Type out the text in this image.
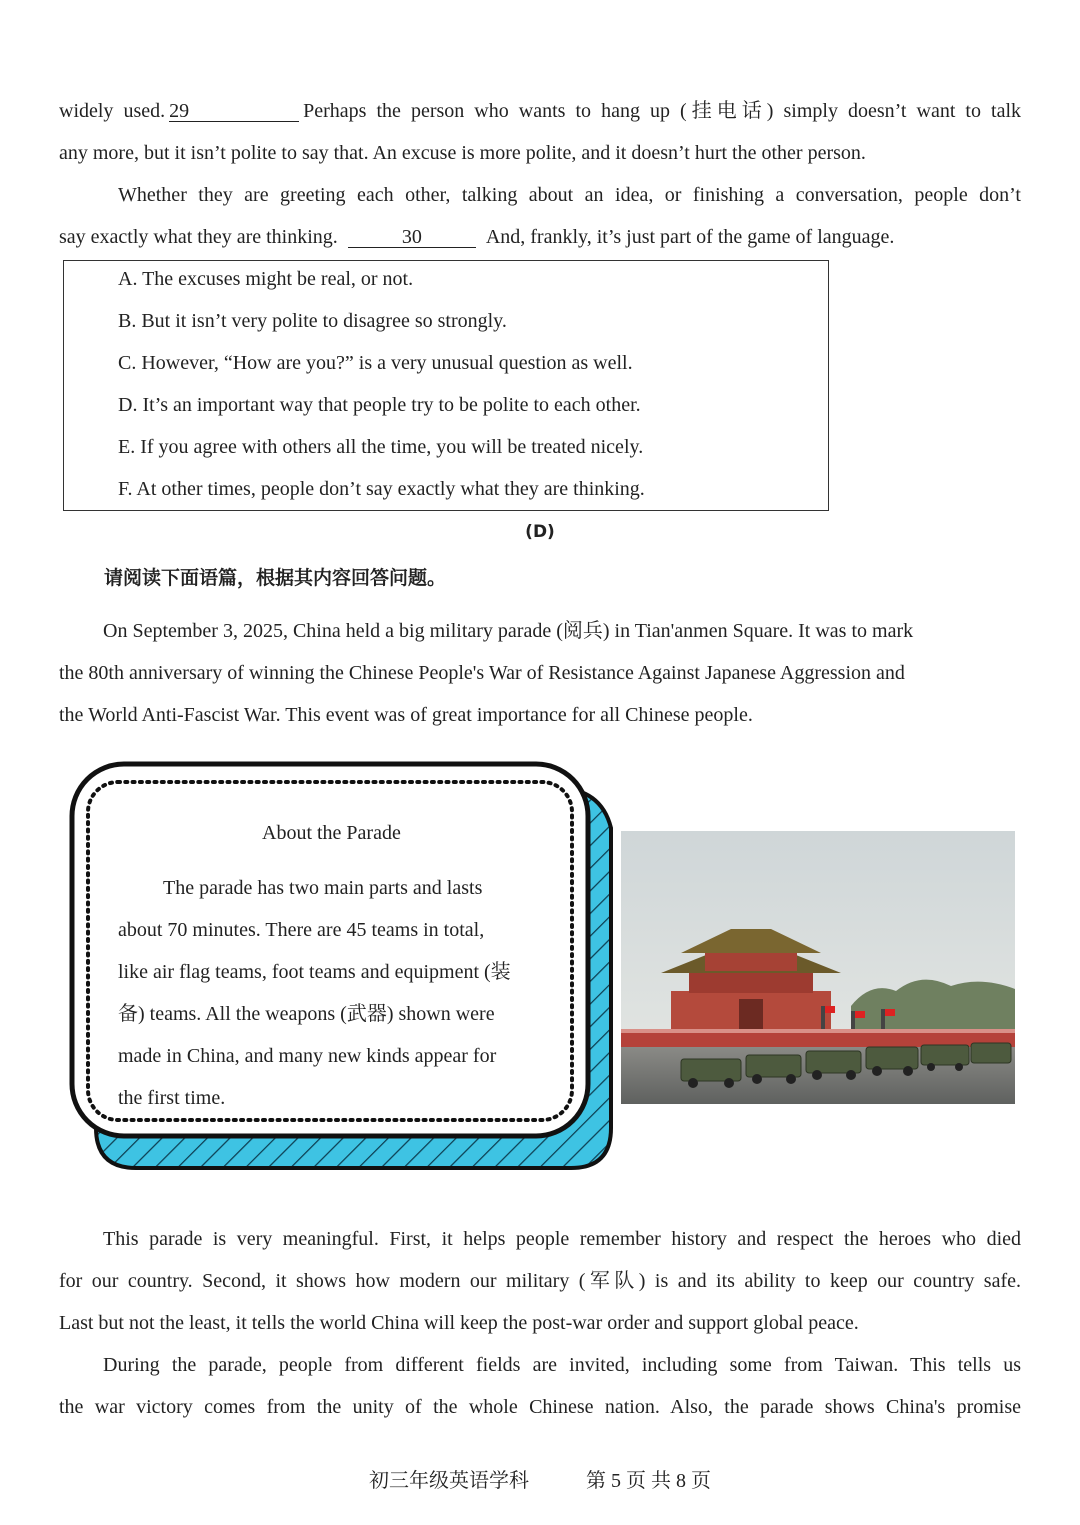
widely used. 29	Perhaps the person who wants to hang up (挂电话) simply doesn’t want to talk
any more, but it isn’t polite to say that. An excuse is more polite, and it doesn’t hurt the other person.
Whether they are greeting each other, talking about an idea, or finishing a conversation, people don’t
say exactly what they are thinking.	30	And, frankly, it’s just part of the game of language.
A. The excuses might be real, or not.
B. But it isn’t very polite to disagree so strongly.
C. However, “How are you?” is a very unusual question as well.
D. It’s an important way that people try to be polite to each other.
E. If you agree with others all the time, you will be treated nicely.
F. At other times, people don’t say exactly what they are thinking.
(D)
请阅读下面语篇，根据其内容回答问题。
On September 3, 2025, China held a big military parade (阅兵) in Tian'anmen Square. It was to mark
the 80th anniversary of winning the Chinese People's War of Resistance Against Japanese Aggression and
the World Anti-Fascist War. This event was of great importance for all Chinese people.
About the Parade
The parade has two main parts and lasts
about 70 minutes. There are 45 teams in total,
like air flag teams, foot teams and equipment (装
备) teams. All the weapons (武器) shown were
made in China, and many new kinds appear for
the first time.
This parade is very meaningful. First, it helps people remember history and respect the heroes who died
for our country. Second, it shows how modern our military (军队) is and its ability to keep our country safe.
Last but not the least, it tells the world China will keep the post-war order and support global peace.
During the parade, people from different fields are invited, including some from Taiwan. This tells us
the war victory comes from the unity of the whole Chinese nation. Also, the parade shows China's promise
初三年级英语学科	第 5 页 共 8 页
